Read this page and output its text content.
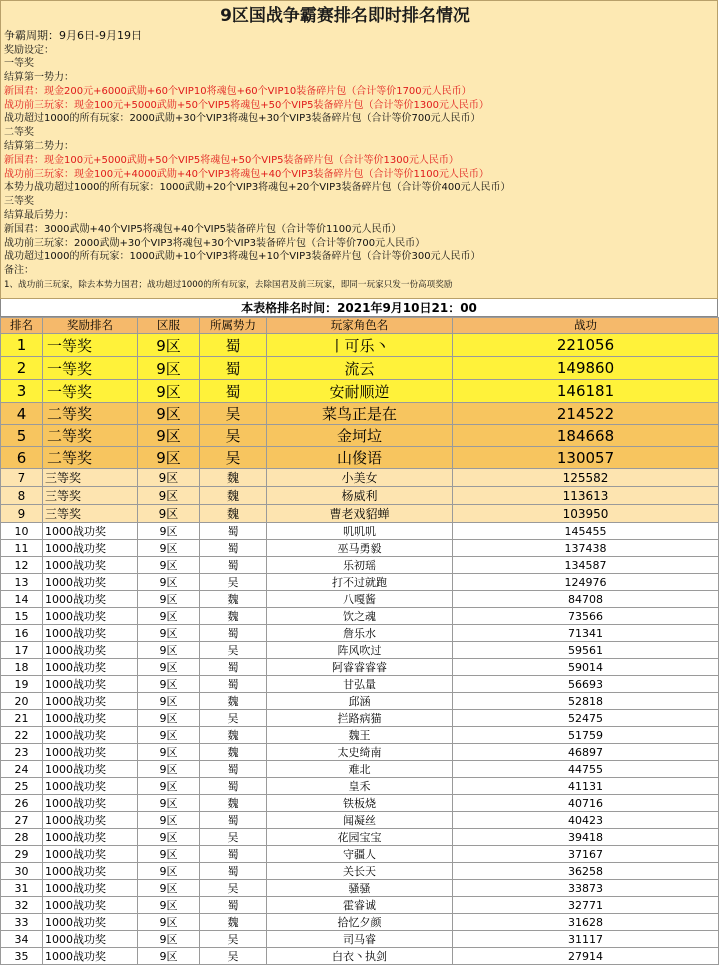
9区国战争霸赛排名即时排名情况
争霸周期：9月6日-9月19日
奖励设定：
一等奖
结算第一势力：
新国君：现金200元+6000武勋+60个VIP10将魂包+60个VIP10装备碎片包（合计等价1700元人民币）
战功前三玩家：现金100元+5000武勋+50个VIP5将魂包+50个VIP5装备碎片包（合计等价1300元人民币）
战功超过1000的所有玩家：2000武勋+30个VIP3将魂包+30个VIP3装备碎片包（合计等价700元人民币）
二等奖
结算第二势力：
新国君：现金100元+5000武勋+50个VIP5将魂包+50个VIP5装备碎片包（合计等价1300元人民币）
战功前三玩家：现金100元+4000武勋+40个VIP3将魂包+40个VIP3装备碎片包（合计等价1100元人民币）
本势力战功超过1000的所有玩家：1000武勋+20个VIP3将魂包+20个VIP3装备碎片包（合计等价400元人民币）
三等奖
结算最后势力：
新国君：3000武勋+40个VIP5将魂包+40个VIP5装备碎片包（合计等价1100元人民币）
战功前三玩家：2000武勋+30个VIP3将魂包+30个VIP3装备碎片包（合计等价700元人民币）
战功超过1000的所有玩家：1000武勋+10个VIP3将魂包+10个VIP3装备碎片包（合计等价300元人民币）
备注：
1、战功前三玩家，除去本势力国君；战功超过1000的所有玩家，去除国君及前三玩家，即同一玩家只发一份高项奖励
本表格排名时间：2021年9月10日21：00
排名	奖励排名	区服	所属势力	玩家角色名	战功
1	一等奖	9区	蜀	丨可乐丶	221056
2	一等奖	9区	蜀	流云	149860
3	一等奖	9区	蜀	安耐顺逆	146181
4	二等奖	9区	吴	菜鸟正是在	214522
5	二等奖	9区	吴	金坷垃	184668
6	二等奖	9区	吴	山俊语	130057
7	三等奖	9区	魏	小美女	125582
8	三等奖	9区	魏	杨威利	113613
9	三等奖	9区	魏	曹老戏貂蝉	103950
10	1000战功奖	9区	蜀	叽叽叽	145455
11	1000战功奖	9区	蜀	巫马勇毅	137438
12	1000战功奖	9区	蜀	乐初瑶	134587
13	1000战功奖	9区	吴	打不过就跑	124976
14	1000战功奖	9区	魏	八嘎酱	84708
15	1000战功奖	9区	魏	饮之魂	73566
16	1000战功奖	9区	蜀	詹乐水	71341
17	1000战功奖	9区	吴	阵风吹过	59561
18	1000战功奖	9区	蜀	阿睿睿睿睿	59014
19	1000战功奖	9区	蜀	甘弘量	56693
20	1000战功奖	9区	魏	邱涵	52818
21	1000战功奖	9区	吴	拦路病猫	52475
22	1000战功奖	9区	魏	魏王	51759
23	1000战功奖	9区	魏	太史绮南	46897
24	1000战功奖	9区	蜀	难北	44755
25	1000战功奖	9区	蜀	皇禾	41131
26	1000战功奖	9区	魏	铁板烧	40716
27	1000战功奖	9区	蜀	闻凝丝	40423
28	1000战功奖	9区	吴	花园宝宝	39418
29	1000战功奖	9区	蜀	守疆人	37167
30	1000战功奖	9区	蜀	关长天	36258
31	1000战功奖	9区	吴	骚骚	33873
32	1000战功奖	9区	蜀	霍睿诚	32771
33	1000战功奖	9区	魏	拾忆夕颜	31628
34	1000战功奖	9区	吴	司马睿	31117
35	1000战功奖	9区	吴	白衣丶执剑	27914
